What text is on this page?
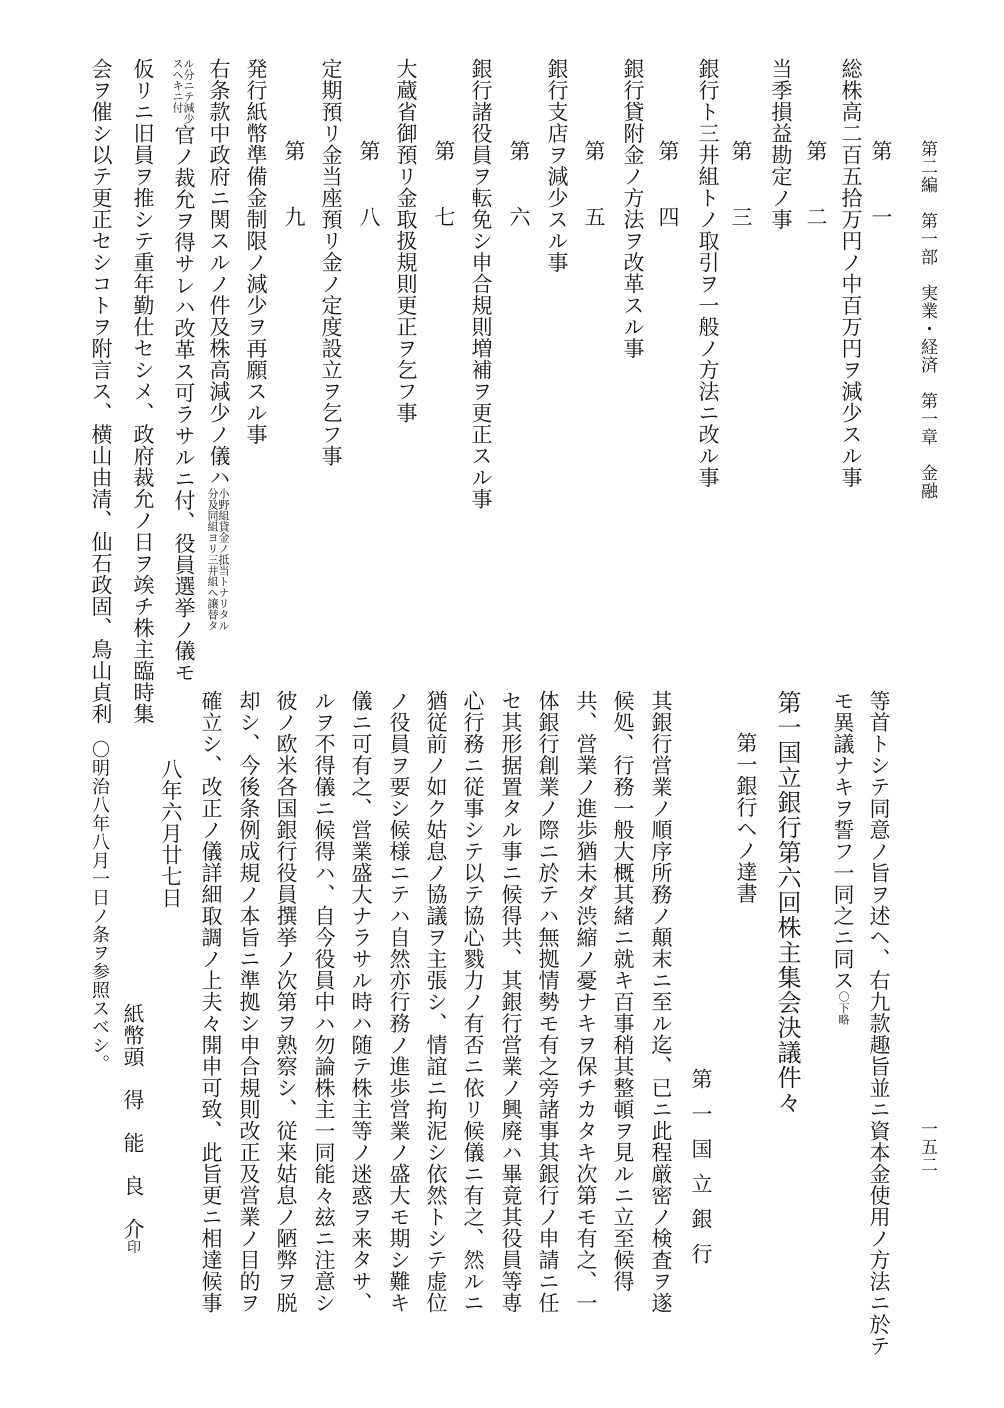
第二編　第一部　実業・経済　第一章　金融
一五二
第　一
総株高二百五拾万円ノ中百万円ヲ減少スル事
第　二
当季損益勘定ノ事
第　三
銀行ト三井組トノ取引ヲ一般ノ方法ニ改ル事
第　四
銀行貸附金ノ方法ヲ改革スル事
第　五
銀行支店ヲ減少スル事
第　六
銀行諸役員ヲ転免シ申合規則増補ヲ更正スル事
第　七
大蔵省御預リ金取扱規則更正ヲ乞フ事
第　八
定期預リ金当座預リ金ノ定度設立ヲ乞フ事
第　九
発行紙幣準備金制限ノ減少ヲ再願スル事
右条款中政府ニ関スルノ件及株高減少ノ儀ハ
小野組貸金ノ抵当トナリタル
分及同組ヨリ三井組ヘ譲替タ
ル分ニテ減少
スヘキニ付
官ノ裁允ヲ得サレハ改革ス可ラサルニ付、役員選挙ノ儀モ
仮リニ旧員ヲ推シテ重年勤仕セシメ、政府裁允ノ日ヲ竢チ株主臨時集
会ヲ催シ以テ更正セシコトヲ附言ス、横山由清、仙石政固、鳥山貞利
等首トシテ同意ノ旨ヲ述ヘ、右九款趣旨並ニ資本金使用ノ方法ニ於テ
モ異議ナキヲ誓フ一同之ニ同ス〇下略
第一国立銀行第六回株主集会決議件々
第一銀行ヘノ達書
第一国立銀行
其銀行営業ノ順序所務ノ顛末ニ至ル迄、已ニ此程厳密ノ検査ヲ遂
候処、行務一般大概其緒ニ就キ百事稍其整頓ヲ見ルニ立至候得
共、営業ノ進歩猶未ダ渋縮ノ憂ナキヲ保チカタキ次第モ有之、一
体銀行創業ノ際ニ於テハ無拠情勢モ有之旁諸事其銀行ノ申請ニ任
セ其形据置タル事ニ候得共、其銀行営業ノ興廃ハ畢竟其役員等専
心行務ニ従事シテ以テ協心戮力ノ有否ニ依リ候儀ニ有之、然ルニ
猶従前ノ如ク姑息ノ協議ヲ主張シ、情誼ニ拘泥シ依然トシテ虚位
ノ役員ヲ要シ候様ニテハ自然亦行務ノ進歩営業ノ盛大モ期シ難キ
儀ニ可有之、営業盛大ナラサル時ハ随テ株主等ノ迷惑ヲ来タサ、
ルヲ不得儀ニ候得ハ、自今役員中ハ勿論株主一同能々玆ニ注意シ
彼ノ欧米各国銀行役員撰挙ノ次第ヲ熟察シ、従来姑息ノ陋弊ヲ脱
却シ、今後条例成規ノ本旨ニ準拠シ申合規則改正及営業ノ目的ヲ
確立シ、改正ノ儀詳細取調ノ上夫々開申可致、此旨更ニ相達候事
八年六月廿七日
紙幣頭　得　能　良　介印
〇明治八年八月一日ノ条ヲ参照スベシ。
